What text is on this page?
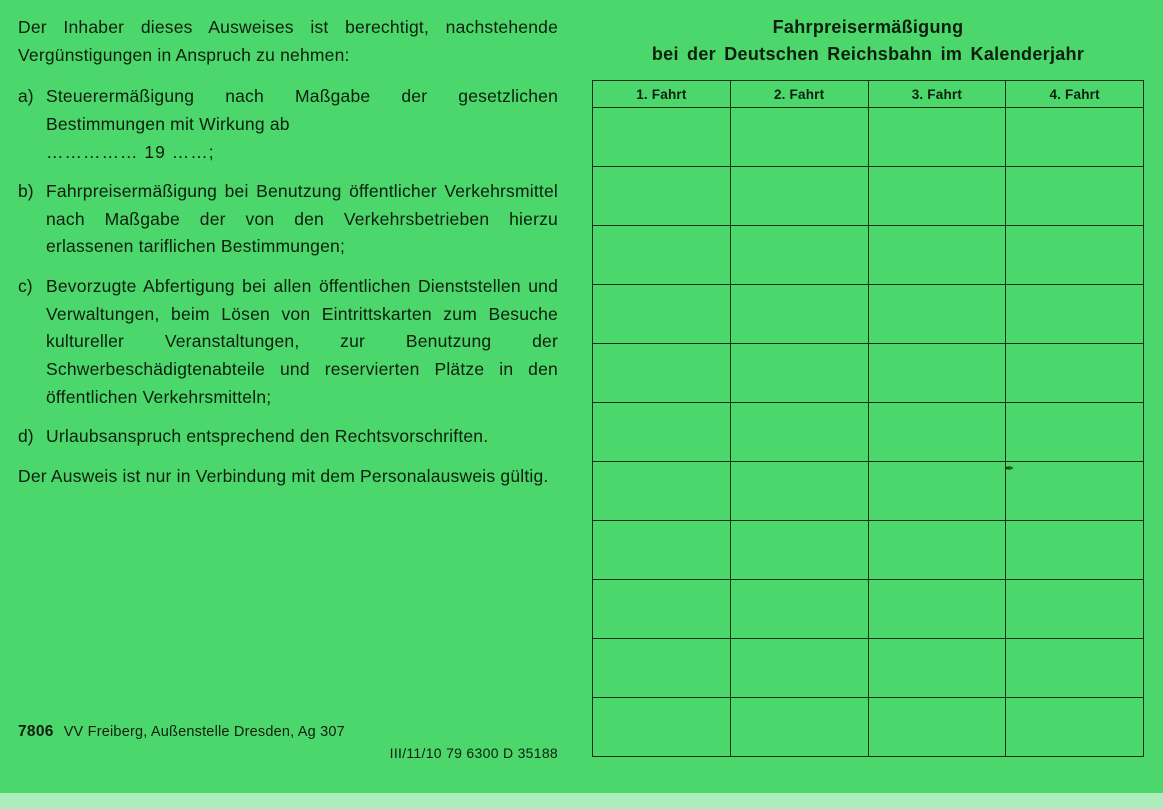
Der Inhaber dieses Ausweises ist berechtigt, nachstehende Vergünstigungen in Anspruch zu nehmen:

a) Steuerermäßigung nach Maßgabe der gesetzlichen Bestimmungen mit Wirkung ab
…………… 19 ……;
b) Fahrpreisermäßigung bei Benutzung öffentlicher Verkehrsmittel nach Maßgabe der von den Verkehrsbetrieben hierzu erlassenen tariflichen Bestimmungen;
c) Bevorzugte Abfertigung bei allen öffentlichen Dienststellen und Verwaltungen, beim Lösen von Eintrittskarten zum Besuche kultureller Veranstaltungen, zur Benutzung der Schwerbeschädigtenabteile und reservierten Plätze in den öffentlichen Verkehrsmitteln;
d) Urlaubsanspruch entsprechend den Rechtsvorschriften.

Der Ausweis ist nur in Verbindung mit dem Personalausweis gültig.

7806 VV Freiberg, Außenstelle Dresden, Ag 307
III/11/10 79 6300 D 35188
Fahrpreisermäßigung
bei der Deutschen Reichsbahn im Kalenderjahr
1. Fahrt	2. Fahrt	3. Fahrt	4. Fahrt

✒
